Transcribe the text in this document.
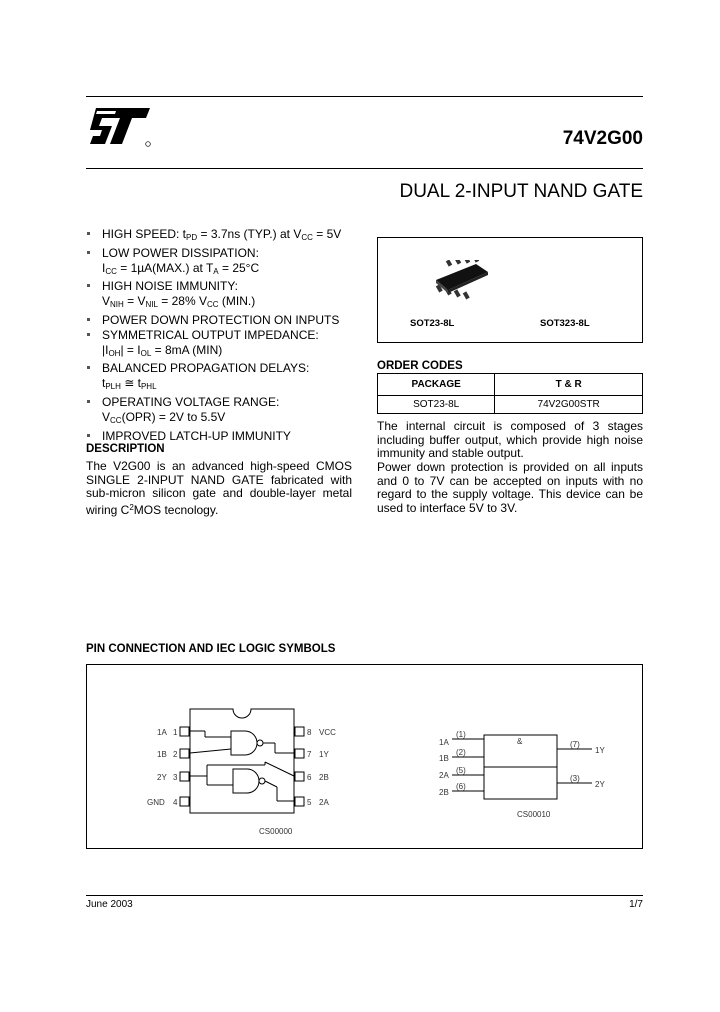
74V2G00
DUAL 2-INPUT NAND GATE
HIGH SPEED: $t_{PD} = 3.7ns$ (TYP.) at $V_{CC} = 5V$
LOW POWER DISSIPATION:
$I_{CC} = 1\mu A(MAX.)$ at $T_A = 25^\circ C$
HIGH NOISE IMMUNITY:
$V_{NIH} = V_{NIL} = 28\%$ $V_{CC}$ (MIN.)
POWER DOWN PROTECTION ON INPUTS
SYMMETRICAL OUTPUT IMPEDANCE:
$|I_{OH}| = I_{OL} = 8mA$ (MIN)
BALANCED PROPAGATION DELAYS:
$t_{PLH}$ ≅ $t_{PHL}$
OPERATING VOLTAGE RANGE:
$V_{CC}(OPR) = 2V$ to 5.5V
IMPROVED LATCH-UP IMMUNITY
DESCRIPTION
The V2G00 is an advanced high-speed CMOS SINGLE 2-INPUT NAND GATE fabricated with sub-micron silicon gate and double-layer metal wiring $C^2MOS$ tecnology.
SOT23-8L	SOT323-8L
ORDER CODES
PACKAGE	T & R
SOT23-8L	74V2G00STR
The internal circuit is composed of 3 stages including buffer output, which provide high noise immunity and stable output.
Power down protection is provided on all inputs and 0 to 7V can be accepted on inputs with no regard to the supply voltage. This device can be used to interface 5V to 3V.
PIN CONNECTION AND IEC LOGIC SYMBOLS
1A 1
1B 2
2Y 3
GND 4
8 VCC
7 1Y
6 2B
5 2A
CS00000
&
1A
(1)
1B
(2)
2A
(5)
2B
(6)
(7)
1Y
(3)
2Y
CS00010
June 2003	1/7
